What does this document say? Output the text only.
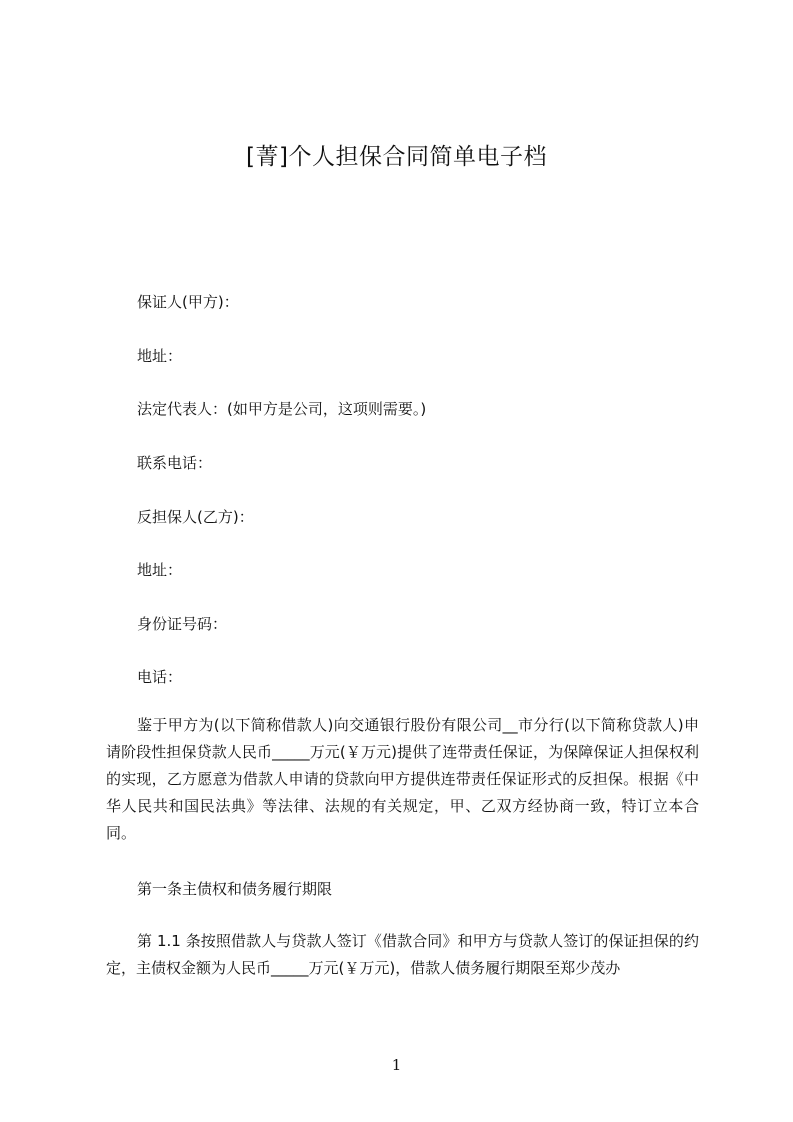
[菁]个人担保合同简单电子档
保证人(甲方)：
地址：
法定代表人：(如甲方是公司，这项则需要。)
联系电话：
反担保人(乙方)：
地址：
身份证号码：
电话：
鉴于甲方为(以下简称借款人)向交通银行股份有限公司__市分行(以下简称贷款人)申请阶段性担保贷款人民币_____万元(￥万元)提供了连带责任保证，为保障保证人担保权利的实现，乙方愿意为借款人申请的贷款向甲方提供连带责任保证形式的反担保。根据《中华人民共和国民法典》等法律、法规的有关规定，甲、乙双方经协商一致，特订立本合同。
第一条主债权和债务履行期限
第 1.1 条按照借款人与贷款人签订《借款合同》和甲方与贷款人签订的保证担保的约定，主债权金额为人民币_____万元(￥万元)，借款人债务履行期限至郑少茂办
1
